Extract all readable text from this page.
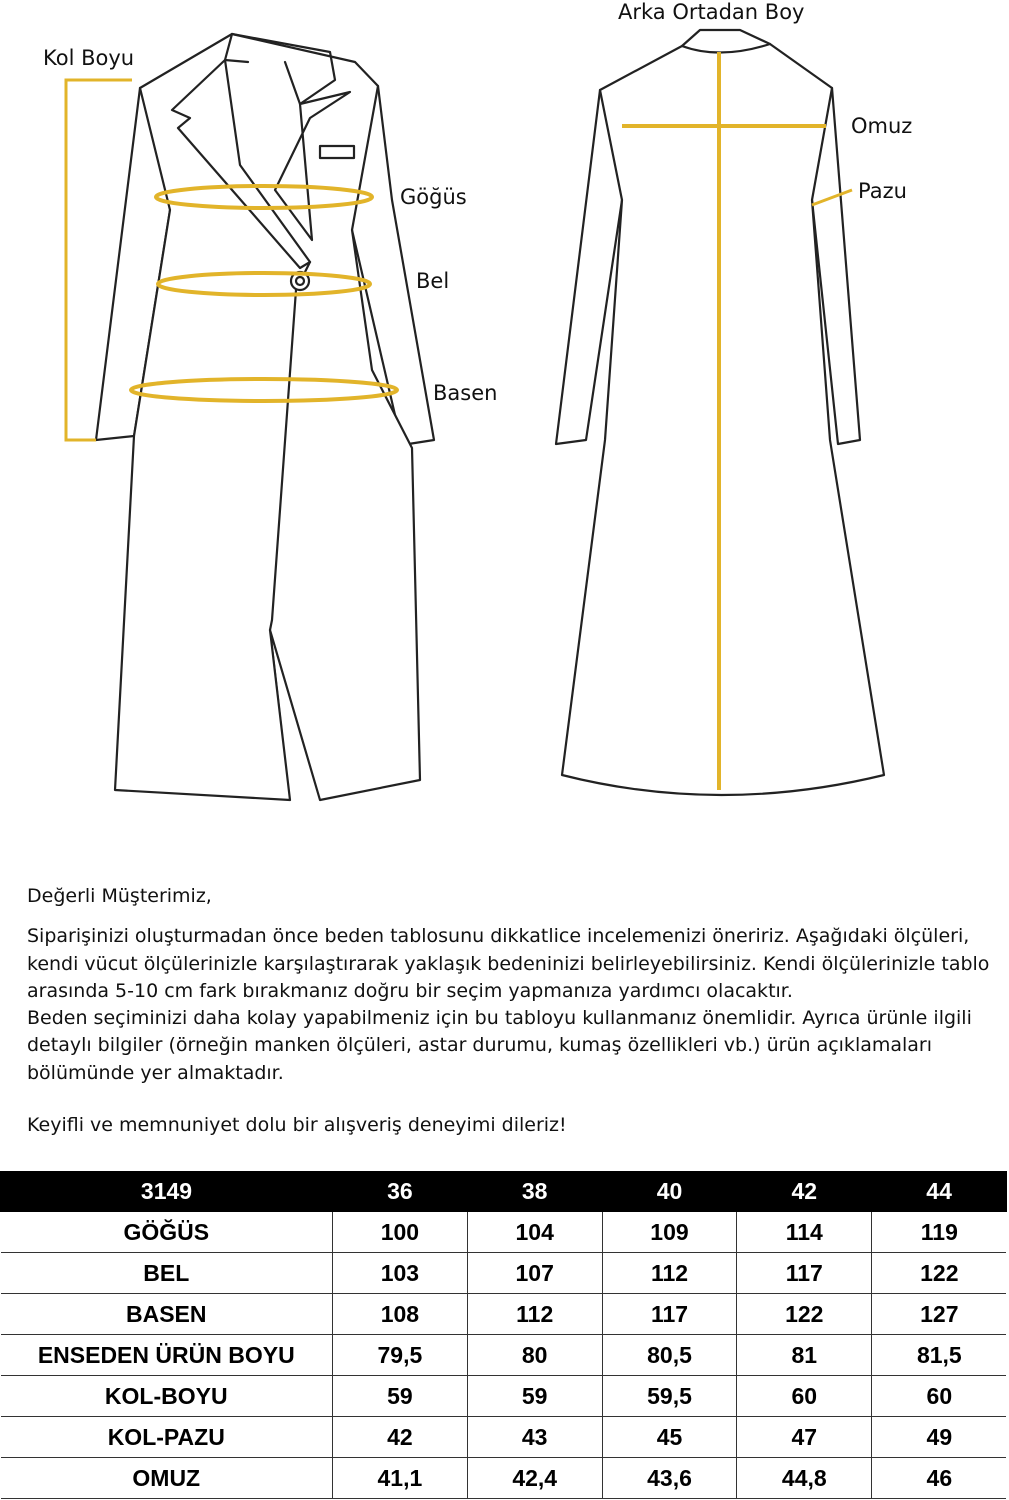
Kol Boyu
Arka Ortadan Boy
Omuz
Pazu
Göğüs
Bel
Basen

Değerli Müşterimiz,

Siparişinizi oluşturmadan önce beden tablosunu dikkatlice incelemenizi öneririz. Aşağıdaki ölçüleri, kendi vücut ölçülerinizle karşılaştırarak yaklaşık bedeninizi belirleyebilirsiniz. Kendi ölçülerinizle tablo arasında 5-10 cm fark bırakmanız doğru bir seçim yapmanıza yardımcı olacaktır.

Beden seçiminizi daha kolay yapabilmeniz için bu tabloyu kullanmanız önemlidir. Ayrıca ürünle ilgili detaylı bilgiler (örneğin manken ölçüleri, astar durumu, kumaş özellikleri vb.) ürün açıklamaları bölümünde yer almaktadır.

Keyifli ve memnuniyet dolu bir alışveriş deneyimi dileriz!

3149	36	38	40	42	44
GÖĞÜS	100	104	109	114	119
BEL	103	107	112	117	122
BASEN	108	112	117	122	127
ENSEDEN ÜRÜN BOYU	79,5	80	80,5	81	81,5
KOL-BOYU	59	59	59,5	60	60
KOL-PAZU	42	43	45	47	49
OMUZ	41,1	42,4	43,6	44,8	46
